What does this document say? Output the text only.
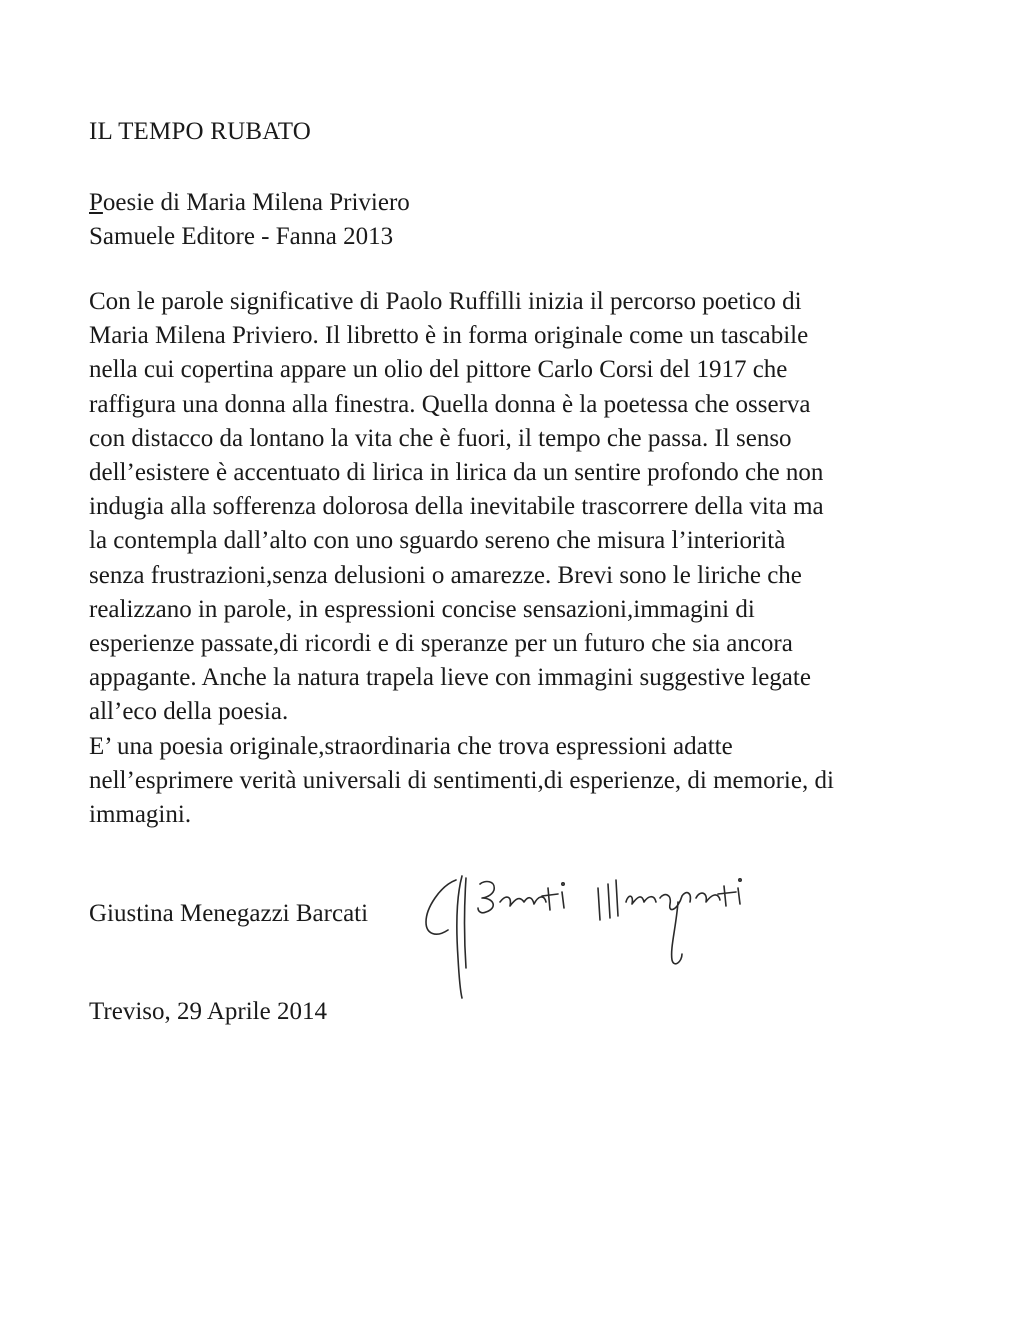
IL TEMPO RUBATO
Poesie di Maria Milena Priviero
Samuele Editore - Fanna 2013
Con le parole significative di Paolo Ruffilli inizia il percorso poetico di
Maria Milena Priviero. Il libretto è in forma originale come un tascabile
nella cui copertina appare un olio del pittore Carlo Corsi del 1917 che
raffigura una donna alla finestra. Quella donna è la poetessa che osserva
con distacco da lontano la vita che è fuori, il tempo che passa. Il senso
dell’esistere è accentuato di lirica in lirica da un sentire profondo che non
indugia alla sofferenza dolorosa della inevitabile trascorrere della vita ma
la contempla dall’alto con uno sguardo sereno che misura l’interiorità
senza frustrazioni,senza delusioni o amarezze. Brevi sono le liriche che
realizzano in parole, in espressioni concise sensazioni,immagini di
esperienze passate,di ricordi e di speranze per un futuro che sia ancora
appagante. Anche la natura trapela lieve con immagini suggestive legate
all’eco della poesia.
E’ una poesia originale,straordinaria che trova espressioni adatte
nell’esprimere verità universali di sentimenti,di esperienze, di memorie, di
immagini.
Giustina Menegazzi Barcati
Treviso, 29 Aprile 2014
